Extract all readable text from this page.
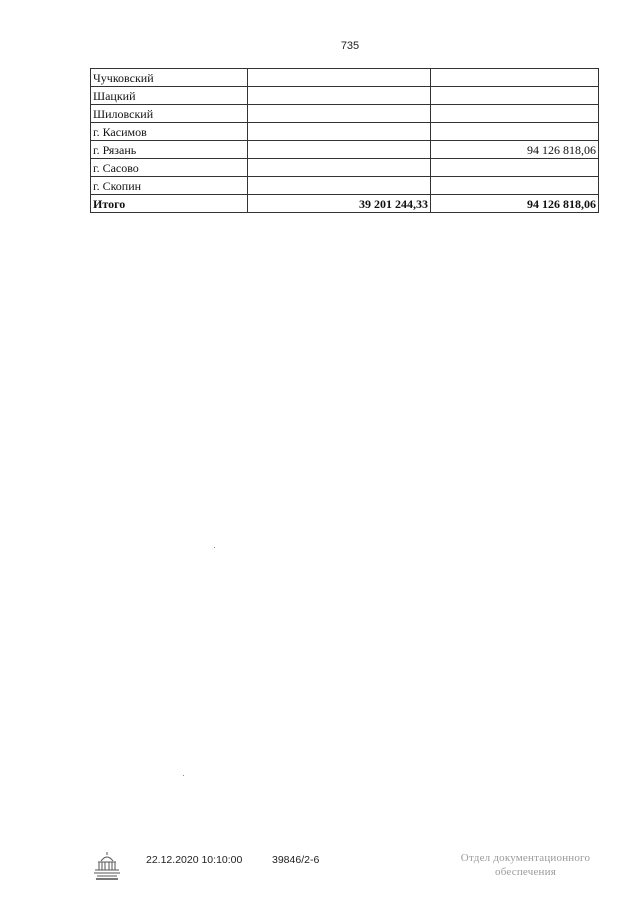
735
Чучковский		
Шацкий		
Шиловский		
г. Касимов		
г. Рязань		94 126 818,06
г. Сасово		
г. Скопин		
Итого	39 201 244,33	94 126 818,06
22.12.2020 10:10:00	39846/2-6	Отдел документационного
обеспечения
